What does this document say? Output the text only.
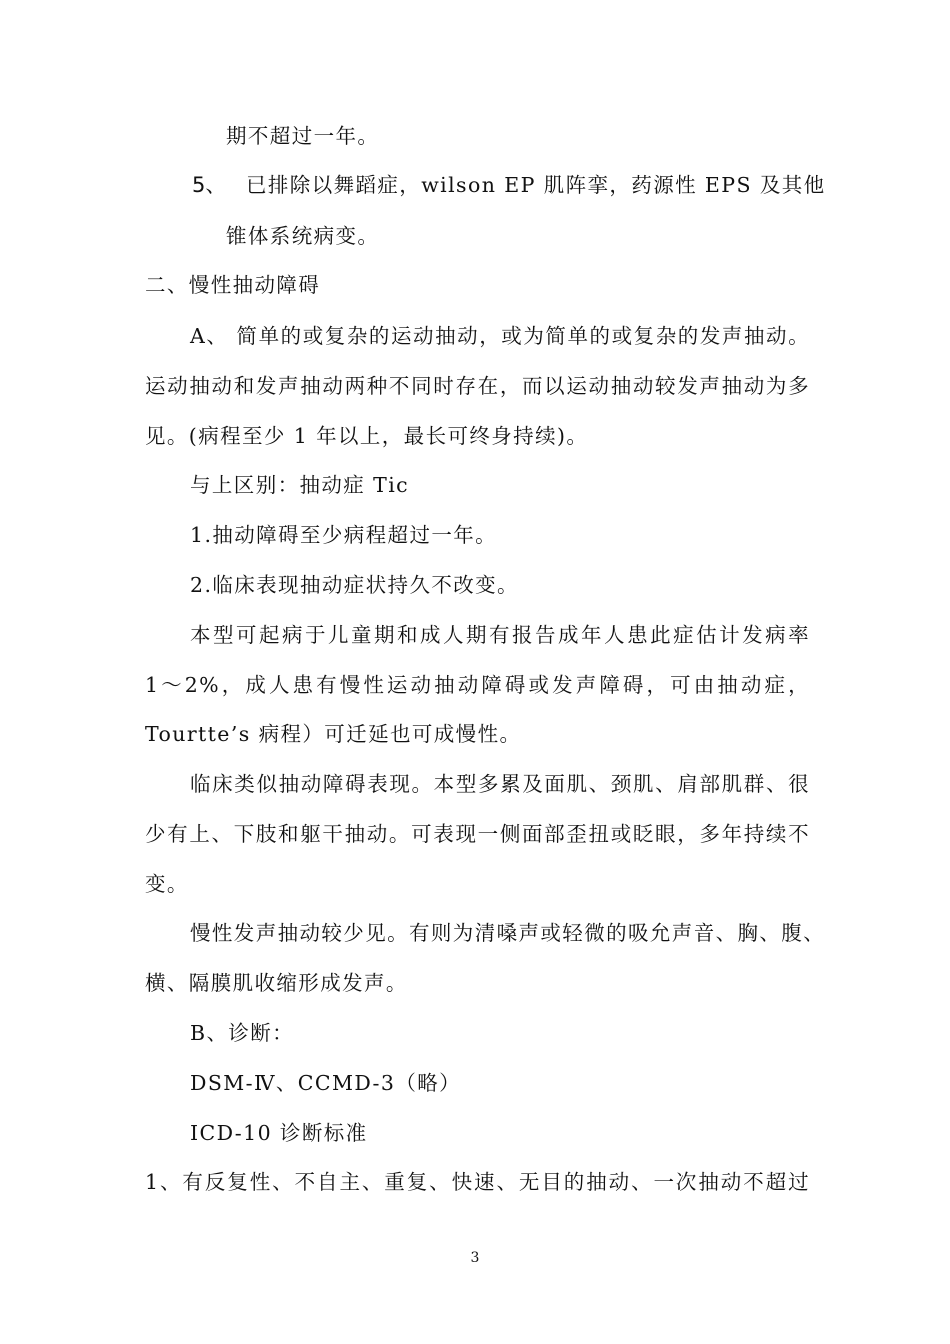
期不超过一年。
5、 已排除以舞蹈症，wilson EP 肌阵挛，药源性 EPS 及其他
锥体系统病变。
二、慢性抽动障碍
A、 简单的或复杂的运动抽动，或为简单的或复杂的发声抽动。
运动抽动和发声抽动两种不同时存在，而以运动抽动较发声抽动为多
见。(病程至少 1 年以上，最长可终身持续)。
与上区别：抽动症 Tic
1.抽动障碍至少病程超过一年。
2.临床表现抽动症状持久不改变。
本型可起病于儿童期和成人期有报告成年人患此症估计发病率
1～2%，成人患有慢性运动抽动障碍或发声障碍，可由抽动症，
Tourtte’s 病程）可迁延也可成慢性。
临床类似抽动障碍表现。本型多累及面肌、颈肌、肩部肌群、很
少有上、下肢和躯干抽动。可表现一侧面部歪扭或眨眼，多年持续不
变。
慢性发声抽动较少见。有则为清嗓声或轻微的吸允声音、胸、腹、
横、隔膜肌收缩形成发声。
B、诊断：
DSM-Ⅳ、CCMD-3（略）
ICD-10 诊断标准
1、有反复性、不自主、重复、快速、无目的抽动、一次抽动不超过
3
